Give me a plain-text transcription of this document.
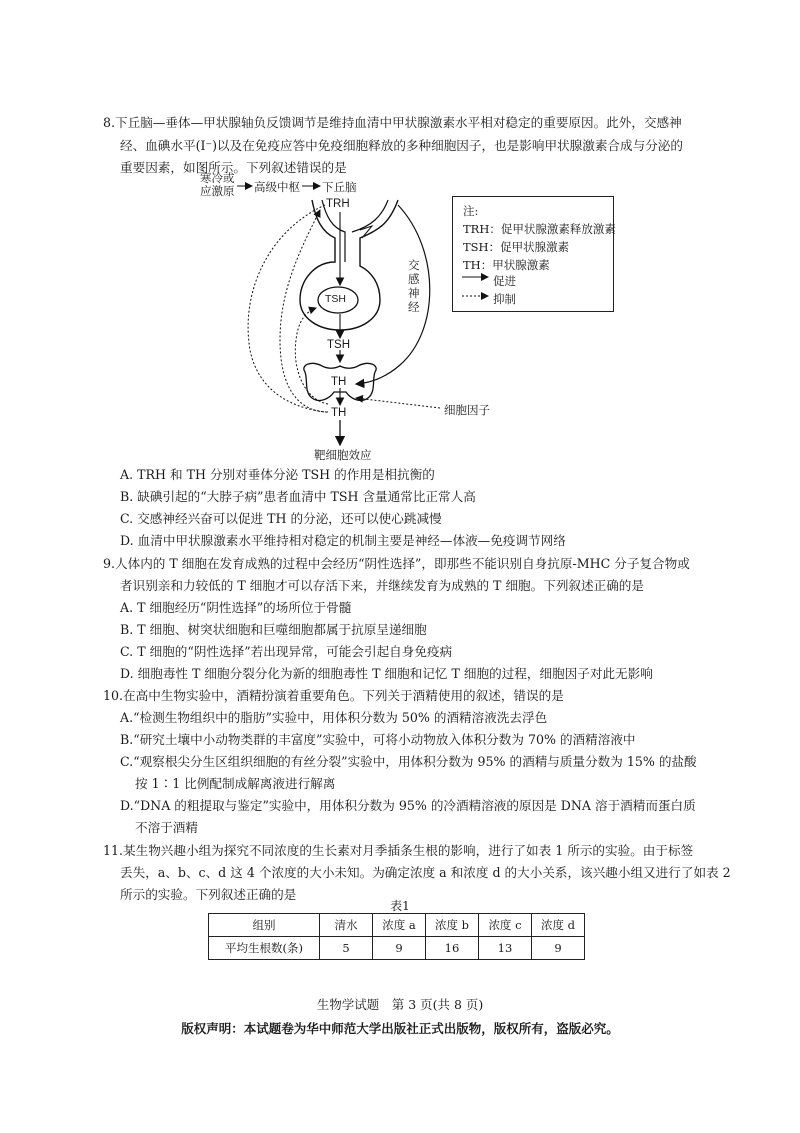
8.下丘脑—垂体—甲状腺轴负反馈调节是维持血清中甲状腺激素水平相对稳定的重要原因。此外，交感神
经、血碘水平(I⁻)以及在免疫应答中免疫细胞释放的多种细胞因子，也是影响甲状腺激素合成与分泌的
重要因素，如图所示。下列叙述错误的是
寒冷或
应激原 高级中枢 下丘脑
TRH
TSH
TSH
TH
TH
交
感
神
经
细胞因子
靶细胞效应
注:
TRH：促甲状腺激素释放激素
TSH：促甲状腺激素
TH：甲状腺激素
促进
抑制
A. TRH 和 TH 分别对垂体分泌 TSH 的作用是相抗衡的
B. 缺碘引起的“大脖子病”患者血清中 TSH 含量通常比正常人高
C. 交感神经兴奋可以促进 TH 的分泌，还可以使心跳减慢
D. 血清中甲状腺激素水平维持相对稳定的机制主要是神经—体液—免疫调节网络
9.人体内的 T 细胞在发育成熟的过程中会经历“阴性选择”，即那些不能识别自身抗原-MHC 分子复合物或
者识别亲和力较低的 T 细胞才可以存活下来，并继续发育为成熟的 T 细胞。下列叙述正确的是
A. T 细胞经历“阴性选择”的场所位于骨髓
B. T 细胞、树突状细胞和巨噬细胞都属于抗原呈递细胞
C. T 细胞的“阴性选择”若出现异常，可能会引起自身免疫病
D. 细胞毒性 T 细胞分裂分化为新的细胞毒性 T 细胞和记忆 T 细胞的过程，细胞因子对此无影响
10.在高中生物实验中，酒精扮演着重要角色。下列关于酒精使用的叙述，错误的是
A.“检测生物组织中的脂肪”实验中，用体积分数为 50% 的酒精溶液洗去浮色
B.“研究土壤中小动物类群的丰富度”实验中，可将小动物放入体积分数为 70% 的酒精溶液中
C.“观察根尖分生区组织细胞的有丝分裂”实验中，用体积分数为 95% 的酒精与质量分数为 15% 的盐酸
按 1∶1 比例配制成解离液进行解离
D.“DNA 的粗提取与鉴定”实验中，用体积分数为 95% 的冷酒精溶液的原因是 DNA 溶于酒精而蛋白质
不溶于酒精
11.某生物兴趣小组为探究不同浓度的生长素对月季插条生根的影响，进行了如表 1 所示的实验。由于标签
丢失，a、b、c、d 这 4 个浓度的大小未知。为确定浓度 a 和浓度 d 的大小关系，该兴趣小组又进行了如表 2
所示的实验。下列叙述正确的是
表1
组别	清水	浓度 a	浓度 b	浓度 c	浓度 d
平均生根数(条)	5	9	16	13	9
生物学试题　第 3 页(共 8 页)
版权声明：本试题卷为华中师范大学出版社正式出版物，版权所有，盗版必究。
